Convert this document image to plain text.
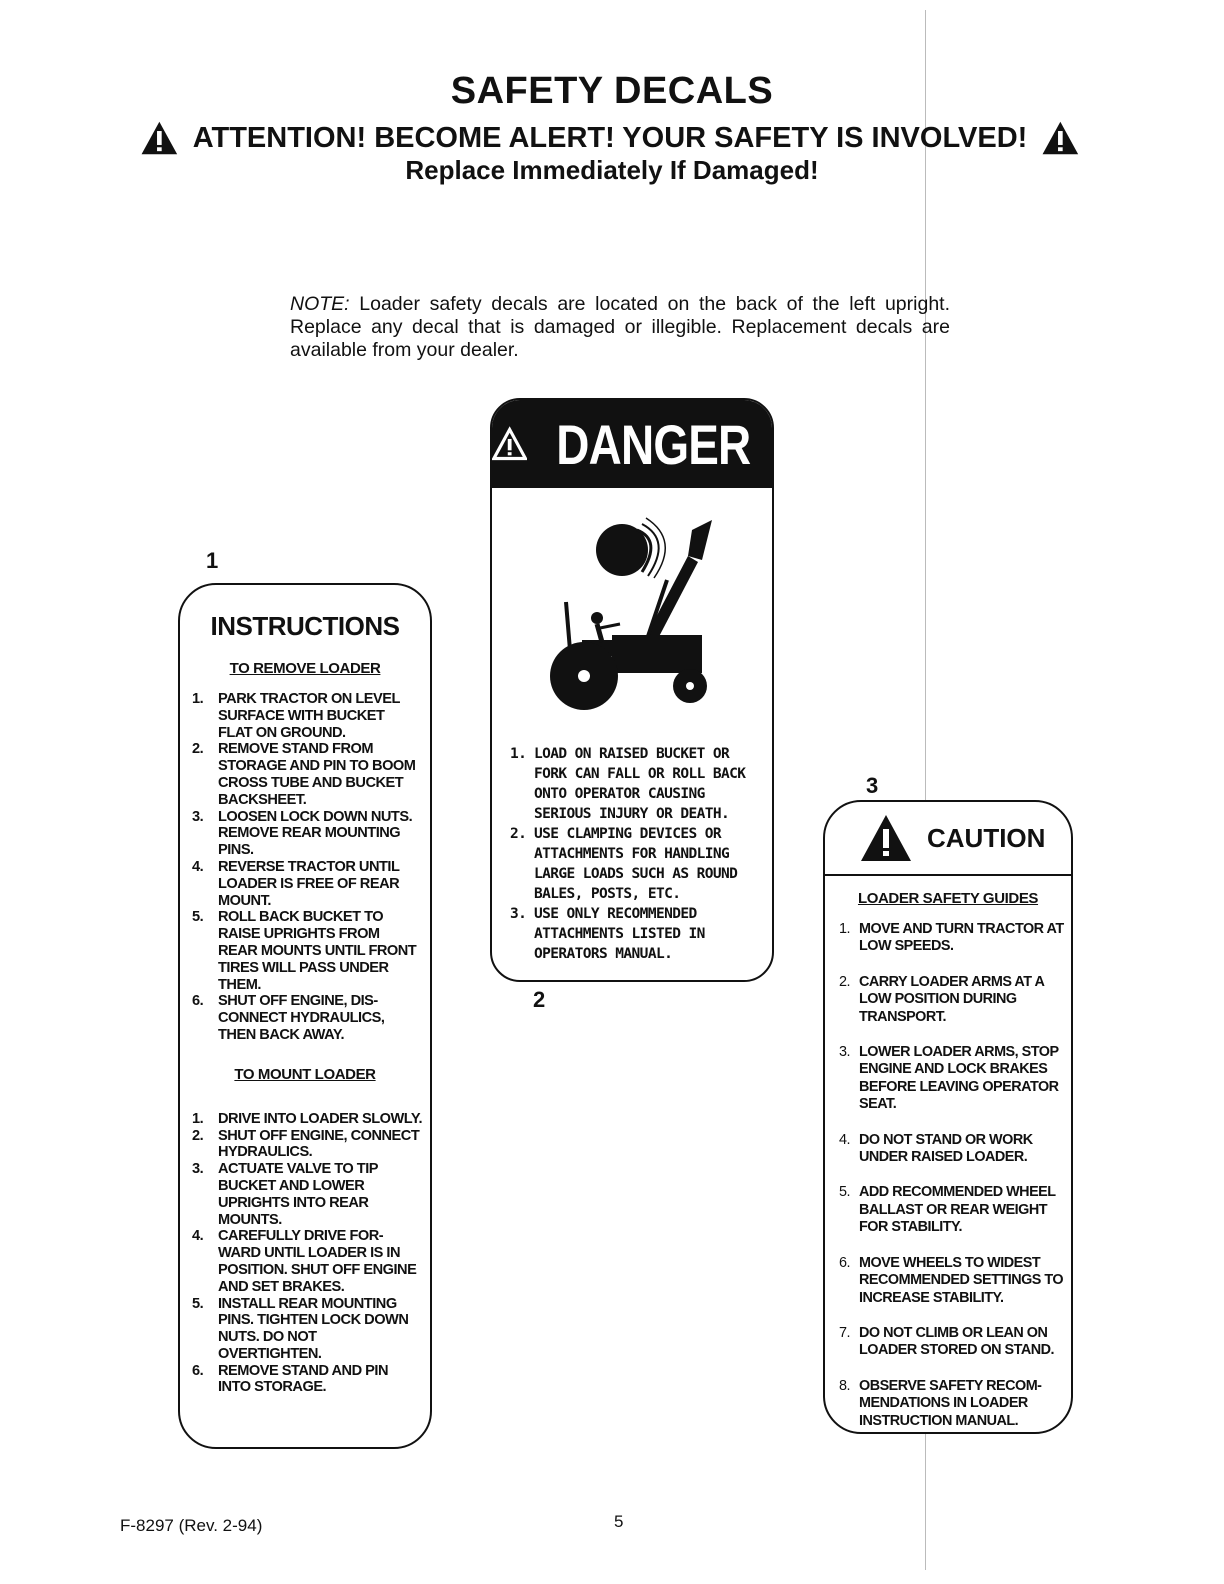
SAFETY DECALS
ATTENTION! BECOME ALERT! YOUR SAFETY IS INVOLVED!
Replace Immediately If Damaged!
NOTE: Loader safety decals are located on the back of the left upright. Replace any decal that is damaged or illegible. Replacement decals are available from your dealer.
1
INSTRUCTIONS
TO REMOVE LOADER
1.	PARK TRACTOR ON LEVEL SURFACE WITH BUCKET FLAT ON GROUND.
2.	REMOVE STAND FROM STORAGE AND PIN TO BOOM CROSS TUBE AND BUCKET BACKSHEET.
3.	LOOSEN LOCK DOWN NUTS. REMOVE REAR MOUNTING PINS.
4.	REVERSE TRACTOR UNTIL LOADER IS FREE OF REAR MOUNT.
5.	ROLL BACK BUCKET TO RAISE UPRIGHTS FROM REAR MOUNTS UNTIL FRONT TIRES WILL PASS UNDER THEM.
6.	SHUT OFF ENGINE, DIS-CONNECT HYDRAULICS, THEN BACK AWAY.
TO MOUNT LOADER
1.	DRIVE INTO LOADER SLOWLY.
2.	SHUT OFF ENGINE, CONNECT HYDRAULICS.
3.	ACTUATE VALVE TO TIP BUCKET AND LOWER UPRIGHTS INTO REAR MOUNTS.
4.	CAREFULLY DRIVE FOR-WARD UNTIL LOADER IS IN POSITION. SHUT OFF ENGINE AND SET BRAKES.
5.	INSTALL REAR MOUNTING PINS. TIGHTEN LOCK DOWN NUTS. DO NOT OVERTIGHTEN.
6.	REMOVE STAND AND PIN INTO STORAGE.
DANGER
1. LOAD ON RAISED BUCKET OR FORK CAN FALL OR ROLL BACK ONTO OPERATOR CAUSING SERIOUS INJURY OR DEATH.
2. USE CLAMPING DEVICES OR ATTACHMENTS FOR HANDLING LARGE LOADS SUCH AS ROUND BALES, POSTS, ETC.
3. USE ONLY RECOMMENDED ATTACHMENTS LISTED IN OPERATORS MANUAL.
2
3
CAUTION
LOADER SAFETY GUIDES
1. MOVE AND TURN TRACTOR AT LOW SPEEDS.
2. CARRY LOADER ARMS AT A LOW POSITION DURING TRANSPORT.
3. LOWER LOADER ARMS, STOP ENGINE AND LOCK BRAKES BEFORE LEAVING OPERATOR SEAT.
4. DO NOT STAND OR WORK UNDER RAISED LOADER.
5. ADD RECOMMENDED WHEEL BALLAST OR REAR WEIGHT FOR STABILITY.
6. MOVE WHEELS TO WIDEST RECOMMENDED SETTINGS TO INCREASE STABILITY.
7. DO NOT CLIMB OR LEAN ON LOADER STORED ON STAND.
8. OBSERVE SAFETY RECOM-MENDATIONS IN LOADER INSTRUCTION MANUAL.
F-8297 (Rev. 2-94)	5
